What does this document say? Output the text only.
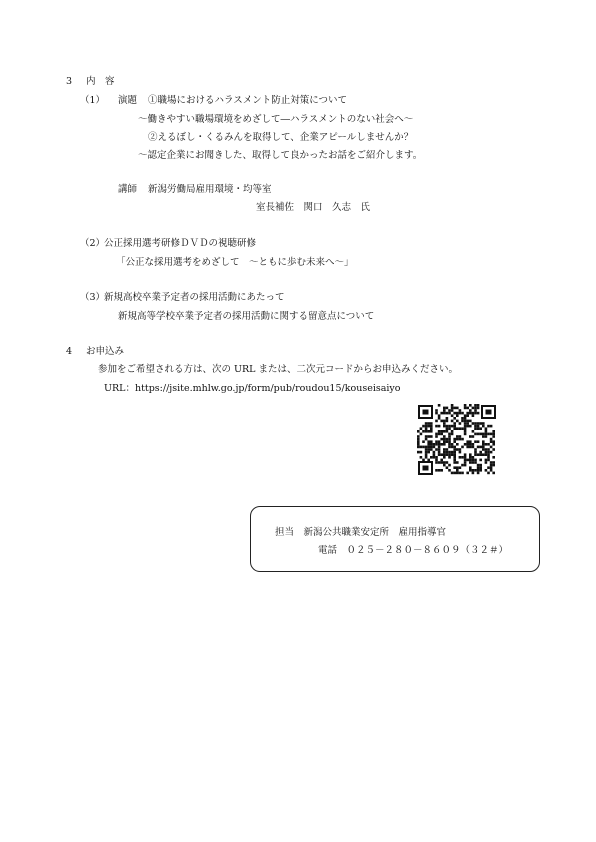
3 内　容
（1） 演題 ①職場におけるハラスメント防止対策について
～働きやすい職場環境をめざして―ハラスメントのない社会へ～
②えるぼし・くるみんを取得して、企業アピールしませんか？
～認定企業にお聞きした、取得して良かったお話をご紹介します。
講師 新潟労働局雇用環境・均等室
室長補佐　関口　久志　氏
（2）
公正採用選考研修ＤＶＤの視聴研修
「公正な採用選考をめざして　～ともに歩む未来へ～」
（3）
新規高校卒業予定者の採用活動にあたって
新規高等学校卒業予定者の採用活動に関する留意点について
4 お申込み
参加をご希望される方は、次の URL または、二次元コードからお申込みください。
URL：https://jsite.mhlw.go.jp/form/pub/roudou15/kouseisaiyo
担当　新潟公共職業安定所　雇用指導官
電話　０２５－２８０－８６０９（３２＃）
